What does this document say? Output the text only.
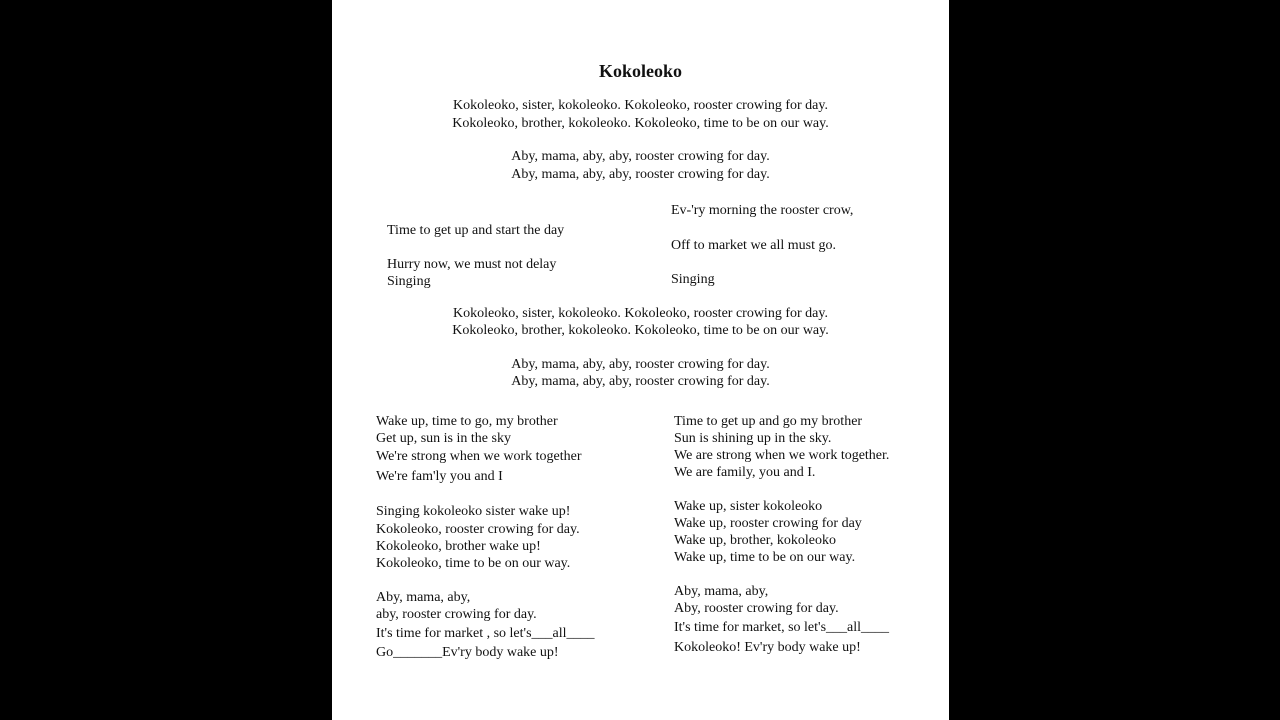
Kokoleoko
Kokoleoko, sister, kokoleoko. Kokoleoko, rooster crowing for day.
Kokoleoko, brother, kokoleoko. Kokoleoko, time to be on our way.
Aby, mama, aby, aby, rooster crowing for day.
Aby, mama, aby, aby, rooster crowing for day.
Ev-'ry morning the rooster crow,
Time to get up and start the day
Off to market we all must go.
Hurry now, we must not delay
Singing	Singing
Kokoleoko, sister, kokoleoko. Kokoleoko, rooster crowing for day.
Kokoleoko, brother, kokoleoko. Kokoleoko, time to be on our way.
Aby, mama, aby, aby, rooster crowing for day.
Aby, mama, aby, aby, rooster crowing for day.
Wake up, time to go, my brother
Get up, sun is in the sky
We're strong when we work together
We're fam'ly you and I
Singing kokoleoko sister wake up!
Kokoleoko, rooster crowing for day.
Kokoleoko, brother wake up!
Kokoleoko, time to be on our way.
Aby, mama, aby,
aby, rooster crowing for day.
It's time for market , so let's___all____
Go_______Ev'ry body wake up!
Time to get up and go my brother
Sun is shining up in the sky.
We are strong when we work together.
We are family, you and I.
Wake up, sister kokoleoko
Wake up, rooster crowing for day
Wake up, brother, kokoleoko
Wake up, time to be on our way.
Aby, mama, aby,
Aby, rooster crowing for day.
It's time for market, so let's___all____
Kokoleoko! Ev'ry body wake up!
